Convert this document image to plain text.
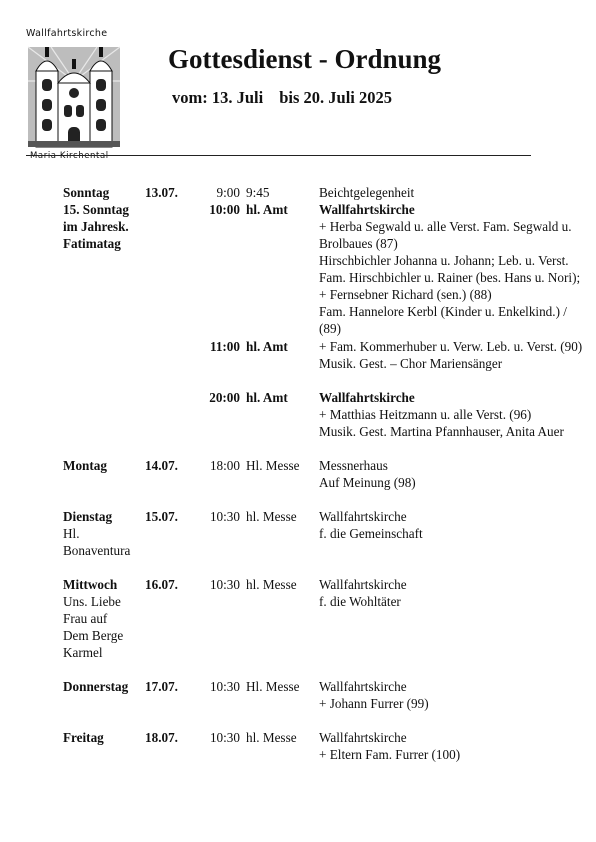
Wallfahrtskirche
Maria Kirchental
Gottesdienst - Ordnung
vom: 13. Juli bis 20. Juli 2025
Sonntag
15. Sonntag
im Jahresk.
Fatimatag
13.07.	9:00 9:45	Beichtgelegenheit
10:00 hl. Amt Wallfahrtskirche
+ Herba Segwald u. alle Verst. Fam. Segwald u. Brolbaues (87)
Hirschbichler Johanna u. Johann; Leb. u. Verst. Fam. Hirschbichler u. Rainer (bes. Hans u. Nori); + Fernsebner Richard (sen.) (88)
Fam. Hannelore Kerbl (Kinder u. Enkelkind.) / (89)
11:00 hl. Amt + Fam. Kommerhuber u. Verw. Leb. u. Verst. (90)
Musik. Gest. – Chor Mariensänger
20:00 hl. Amt Wallfahrtskirche
+ Matthias Heitzmann u. alle Verst. (96)
Musik. Gest. Martina Pfannhauser, Anita Auer
Montag	14.07.	18:00 Hl. Messe Messnerhaus
Auf Meinung (98)
Dienstag
Hl.
Bonaventura
15.07.	10:30 hl. Messe Wallfahrtskirche
f. die Gemeinschaft
Mittwoch
Uns. Liebe
Frau auf
Dem Berge
Karmel
16.07.	10:30 hl. Messe Wallfahrtskirche
f. die Wohltäter
Donnerstag	17.07.	10:30 Hl. Messe Wallfahrtskirche
+ Johann Furrer (99)
Freitag	18.07.	10:30 hl. Messe Wallfahrtskirche
+ Eltern Fam. Furrer (100)
